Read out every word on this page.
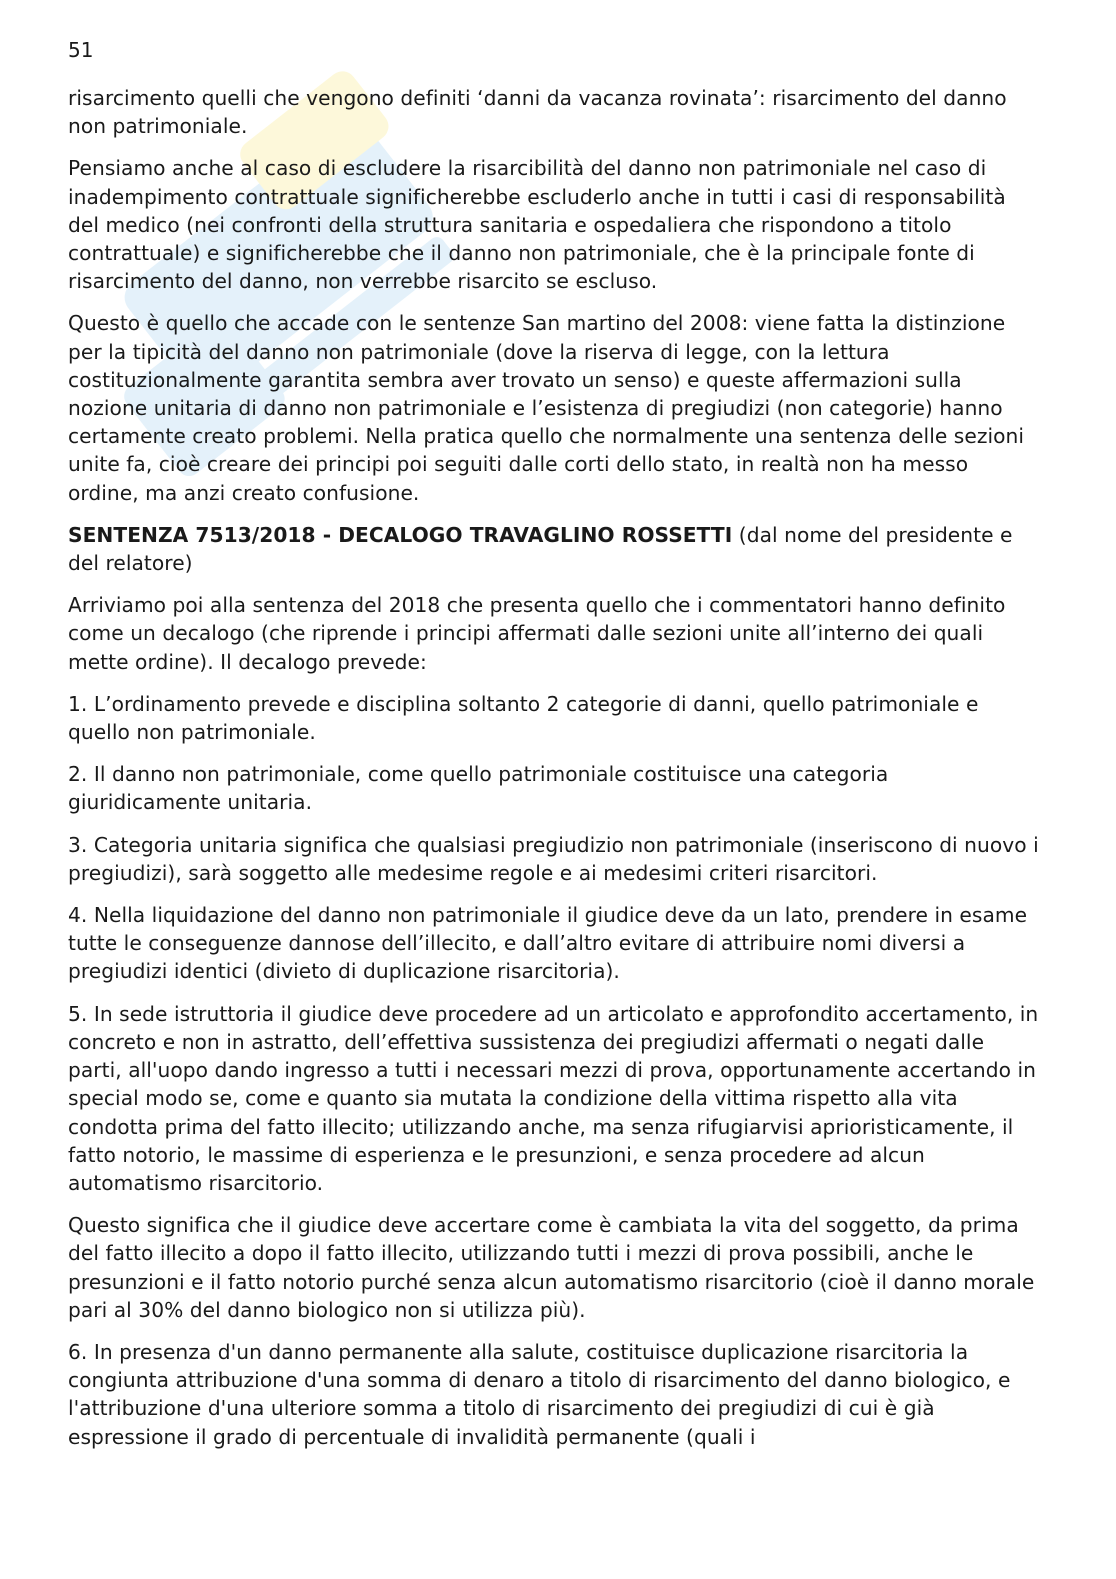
51

risarcimento quelli che vengono definiti ‘danni da vacanza rovinata’: risarcimento del danno non patrimoniale.

Pensiamo anche al caso di escludere la risarcibilità del danno non patrimoniale nel caso di inadempimento contrattuale significherebbe escluderlo anche in tutti i casi di responsabilità del medico (nei confronti della struttura sanitaria e ospedaliera che rispondono a titolo contrattuale) e significherebbe che il danno non patrimoniale, che è la principale fonte di risarcimento del danno, non verrebbe risarcito se escluso.

Questo è quello che accade con le sentenze San martino del 2008: viene fatta la distinzione per la tipicità del danno non patrimoniale (dove la riserva di legge, con la lettura costituzionalmente garantita sembra aver trovato un senso) e queste affermazioni sulla nozione unitaria di danno non patrimoniale e l’esistenza di pregiudizi (non categorie) hanno certamente creato problemi. Nella pratica quello che normalmente una sentenza delle sezioni unite fa, cioè creare dei principi poi seguiti dalle corti dello stato, in realtà non ha messo ordine, ma anzi creato confusione.

SENTENZA 7513/2018 - DECALOGO TRAVAGLINO ROSSETTI (dal nome del presidente e del relatore)

Arriviamo poi alla sentenza del 2018 che presenta quello che i commentatori hanno definito come un decalogo (che riprende i principi affermati dalle sezioni unite all’interno dei quali mette ordine). Il decalogo prevede:

1. L’ordinamento prevede e disciplina soltanto 2 categorie di danni, quello patrimoniale e quello non patrimoniale.

2. Il danno non patrimoniale, come quello patrimoniale costituisce una categoria giuridicamente unitaria.

3. Categoria unitaria significa che qualsiasi pregiudizio non patrimoniale (inseriscono di nuovo i pregiudizi), sarà soggetto alle medesime regole e ai medesimi criteri risarcitori.

4. Nella liquidazione del danno non patrimoniale il giudice deve da un lato, prendere in esame tutte le conseguenze dannose dell’illecito, e dall’altro evitare di attribuire nomi diversi a pregiudizi identici (divieto di duplicazione risarcitoria).

5. In sede istruttoria il giudice deve procedere ad un articolato e approfondito accertamento, in concreto e non in astratto, dell’effettiva sussistenza dei pregiudizi affermati o negati dalle parti, all'uopo dando ingresso a tutti i necessari mezzi di prova, opportunamente accertando in special modo se, come e quanto sia mutata la condizione della vittima rispetto alla vita condotta prima del fatto illecito; utilizzando anche, ma senza rifugiarvisi aprioristicamente, il fatto notorio, le massime di esperienza e le presunzioni, e senza procedere ad alcun automatismo risarcitorio.

Questo significa che il giudice deve accertare come è cambiata la vita del soggetto, da prima del fatto illecito a dopo il fatto illecito, utilizzando tutti i mezzi di prova possibili, anche le presunzioni e il fatto notorio purché senza alcun automatismo risarcitorio (cioè il danno morale pari al 30% del danno biologico non si utilizza più).

6. In presenza d'un danno permanente alla salute, costituisce duplicazione risarcitoria la congiunta attribuzione d'una somma di denaro a titolo di risarcimento del danno biologico, e l'attribuzione d'una ulteriore somma a titolo di risarcimento dei pregiudizi di cui è già espressione il grado di percentuale di invalidità permanente (quali i
